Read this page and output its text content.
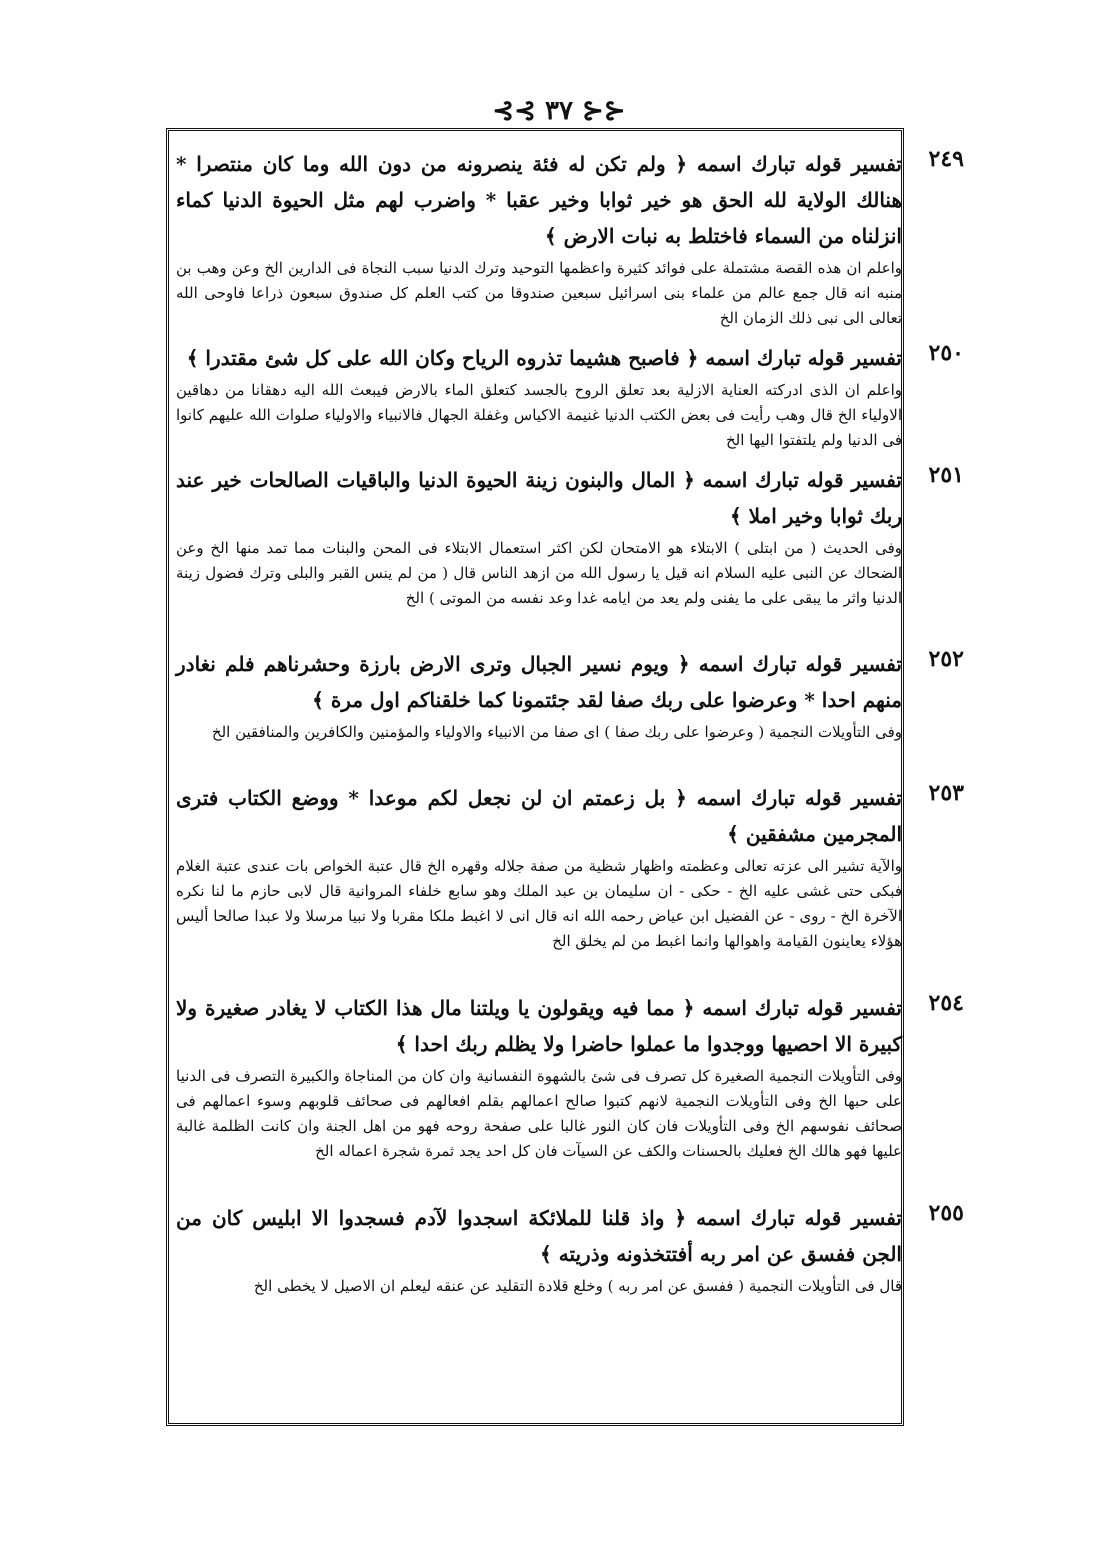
⊰⊰ ٣٧ ⊱⊱
٢٤٩

تفسير قوله تبارك اسمه ﴿ ولم تكن له فئة ينصرونه من دون الله وما كان منتصرا * هنالك الولاية لله الحق هو خير ثوابا وخير عقبا * واضرب لهم مثل الحيوة الدنيا كماء انزلناه من السماء فاختلط به نبات الارض ﴾

واعلم ان هذه القصة مشتملة على فوائد كثيرة واعظمها التوحيد وترك الدنيا سبب النجاة فى الدارين الخ وعن وهب بن منبه انه قال جمع عالم من علماء بنى اسرائيل سبعين صندوقا من كتب العلم كل صندوق سبعون ذراعا فاوحى الله تعالى الى نبى ذلك الزمان الخ

٢٥٠

تفسير قوله تبارك اسمه ﴿ فاصبح هشيما تذروه الرياح وكان الله على كل شئ مقتدرا ﴾

واعلم ان الذى ادركته العناية الازلية بعد تعلق الروح بالجسد كتعلق الماء بالارض فيبعث الله اليه دهقانا من دهاقين الاولياء الخ قال وهب رأيت فى بعض الكتب الدنيا غنيمة الاكياس وغفلة الجهال فالانبياء والاولياء صلوات الله عليهم كانوا فى الدنيا ولم يلتفتوا اليها الخ

٢٥١

تفسير قوله تبارك اسمه ﴿ المال والبنون زينة الحيوة الدنيا والباقيات الصالحات خير عند ربك ثوابا وخير املا ﴾

وفى الحديث ( من ابتلى ) الابتلاء هو الامتحان لكن اكثر استعمال الابتلاء فى المحن والبنات مما تمد منها الخ وعن الضحاك عن النبى عليه السلام انه قيل يا رسول الله من ازهد الناس قال ( من لم ينس القبر والبلى وترك فضول زينة الدنيا واثر ما يبقى على ما يفنى ولم يعد من ايامه غدا وعد نفسه من الموتى ) الخ

٢٥٢

تفسير قوله تبارك اسمه ﴿ ويوم نسير الجبال وترى الارض بارزة وحشرناهم فلم نغادر منهم احدا * وعرضوا على ربك صفا لقد جئتمونا كما خلقناكم اول مرة ﴾

وفى التأويلات النجمية ( وعرضوا على ربك صفا ) اى صفا من الانبياء والاولياء والمؤمنين والكافرين والمنافقين الخ

٢٥٣

تفسير قوله تبارك اسمه ﴿ بل زعمتم ان لن نجعل لكم موعدا * ووضع الكتاب فترى المجرمين مشفقين ﴾

والآية تشير الى عزته تعالى وعظمته واظهار شظية من صفة جلاله وقهره الخ قال عتبة الخواص بات عندى عتبة الغلام فبكى حتى غشى عليه الخ - حكى - ان سليمان بن عبد الملك وهو سابع خلفاء المروانية قال لابى حازم ما لنا نكره الآخرة الخ - روى - عن الفضيل ابن عياض رحمه الله انه قال انى لا اغبط ملكا مقربا ولا نبيا مرسلا ولا عبدا صالحا أليس هؤلاء يعاينون القيامة واهوالها وانما اغبط من لم يخلق الخ

٢٥٤

تفسير قوله تبارك اسمه ﴿ مما فيه ويقولون يا ويلتنا مال هذا الكتاب لا يغادر صغيرة ولا كبيرة الا احصيها ووجدوا ما عملوا حاضرا ولا يظلم ربك احدا ﴾

وفى التأويلات النجمية الصغيرة كل تصرف فى شئ بالشهوة النفسانية وان كان من المناجاة والكبيرة التصرف فى الدنيا على حبها الخ وفى التأويلات النجمية لانهم كتبوا صالح اعمالهم بقلم افعالهم فى صحائف قلوبهم وسوء اعمالهم فى صحائف نفوسهم الخ وفى التأويلات فان كان النور غالبا على صفحة روحه فهو من اهل الجنة وان كانت الظلمة غالبة عليها فهو هالك الخ فعليك بالحسنات والكف عن السيآت فان كل احد يجد ثمرة شجرة اعماله الخ

٢٥٥

تفسير قوله تبارك اسمه ﴿ واذ قلنا للملائكة اسجدوا لآدم فسجدوا الا ابليس كان من الجن ففسق عن امر ربه أفتتخذونه وذريته ﴾

قال فى التأويلات النجمية ( ففسق عن امر ربه ) وخلع قلادة التقليد عن عنقه ليعلم ان الاصيل لا يخطى الخ
